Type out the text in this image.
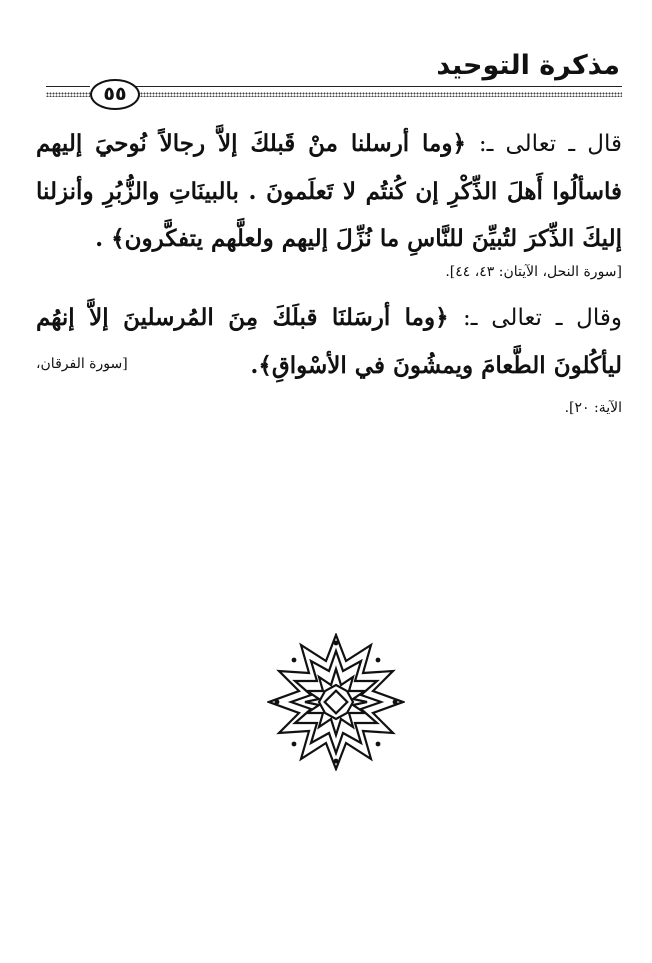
مذكرة التوحيد
٥٥
قال ـ تعالى ـ: ﴿وما أرسلنا منْ قَبلكَ إلاَّ رجالاً نُوحيَ إليهم
فاسألُوا أَهلَ الذِّكْرِ إن كُنتُم لا تَعلَمونَ . بالبينَاتِ والزُّبُرِ وأنزلنا
إليكَ الذِّكرَ لتُبيِّنَ للنَّاسِ ما نُزِّلَ إليهم ولعلَّهم يتفكَّرون﴾ .
[سورة النحل، الآيتان: ٤٣، ٤٤].
وقال ـ تعالى ـ: ﴿وما أرسَلنَا قبلَكَ مِنَ المُرسلينَ إلاَّ إنهُم
ليأكُلونَ الطَّعامَ ويمشُونَ في الأسْواقِ﴾.
[سورة الفرقان،
الآية: ٢٠].
